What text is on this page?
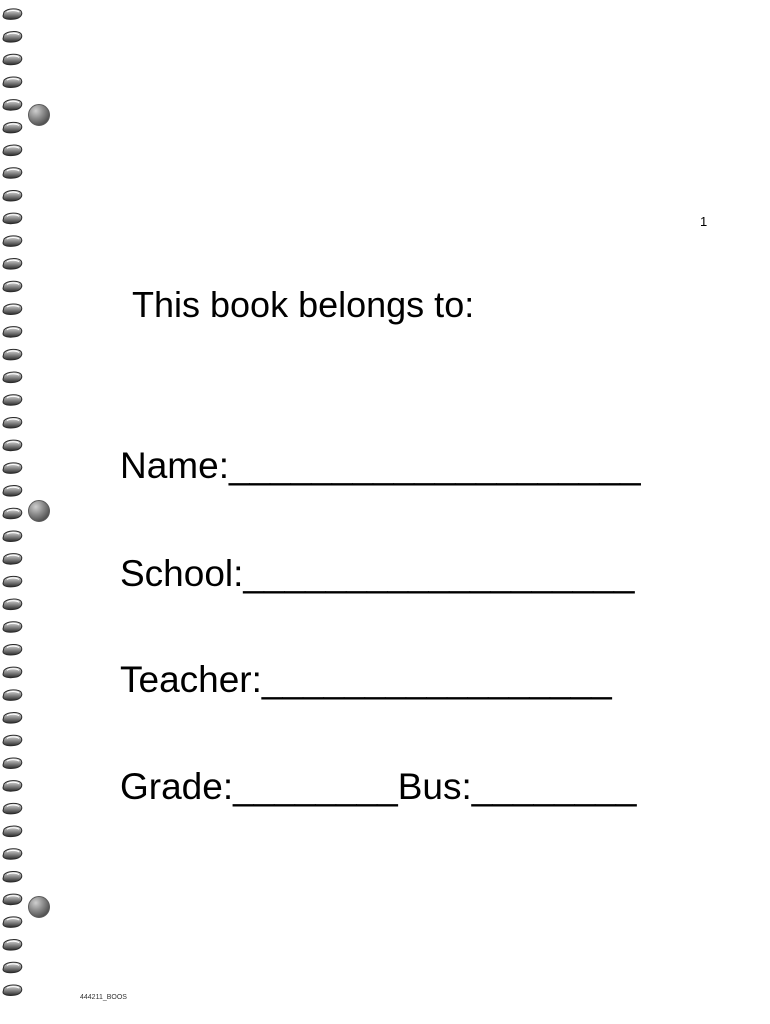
1
This book belongs to:
Name:____________________
School:___________________
Teacher:_________________
Grade:________Bus:________
444211_BOOS
